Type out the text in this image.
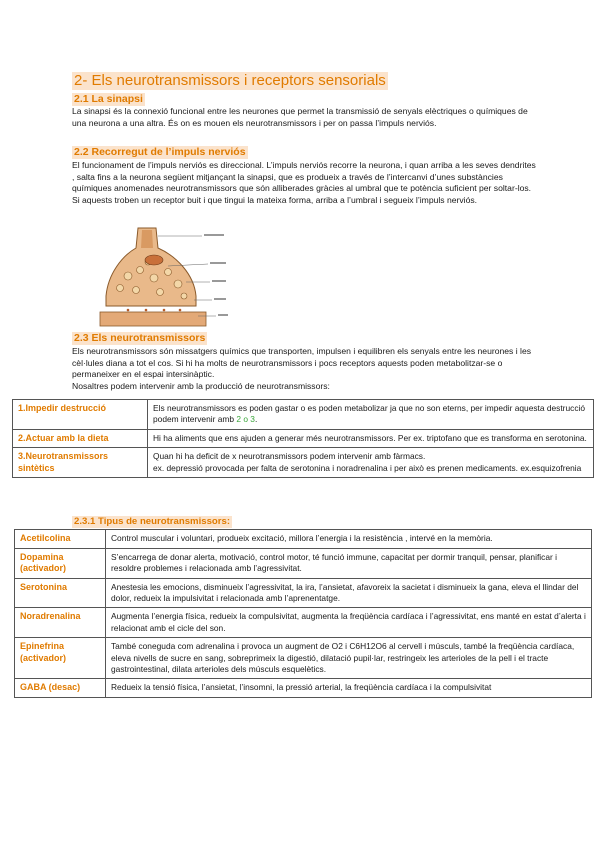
2- Els neurotransmissors i receptors sensorials
2.1 La sinapsi

La sinapsi és la connexió funcional entre les neurones que permet la transmissió de senyals elèctriques o químiques de una neurona a una altra. És on es mouen els neurotransmissors i per on passa l’impuls nerviós.

2.2 Recorregut de l’impuls nerviós

El funcionament de l’impuls nerviós es direccional. L’impuls nerviós recorre la neurona, i quan arriba a les seves dendrites , salta fins a la neurona següent mitjançant la sinapsi, que es produeix a través de l’intercanvi d’unes substàncies químiques anomenades neurotransmissors que són alliberades gràcies al umbral que te potència suficient per soltar-los. Si aquests troben un receptor buit i que tingui la mateixa forma, arriba a l’umbral i segueix l’impuls nerviós.

2.3 Els neurotransmissors

Els neurotransmissors són missatgers químics que transporten, impulsen i equilibren els senyals entre les neurones i les cèl·lules diana a tot el cos. Si hi ha molts de neurotransmissors i pocs receptors aquests poden metabolitzar-se o permaneixer en el espai intersinàptic.

Nosaltres podem intervenir amb la producció de neurotransmissors:

1.Impedir destrucció	Els neurotransmissors es poden gastar o es poden metabolizar ja que no son eterns, per impedir aquesta destrucció podem intervenir amb 2 o 3.
2.Actuar amb la dieta	Hi ha aliments que ens ajuden a generar més neurotransmissors. Per ex. triptofano que es transforma en serotonina.
3.Neurotransmissors sintètics	Quan hi ha deficit de x neurotransmissors podem intervenir amb fàrmacs.
ex. depressió provocada per falta de serotonina i noradrenalina i per això es prenen medicaments. ex.esquizofrenia
2.3.1 Tipus de neurotransmissors:
Acetilcolina	Control muscular i voluntari, produeix excitació, millora l’energia i la resistència , intervé en la memòria.
Dopamina (activador)	S’encarrega de donar alerta, motivació, control motor, té funció immune, capacitat per dormir tranquil, pensar, planificar i resoldre problemes i relacionada amb l’agressivitat.
Serotonina	Anestesia les emocions, disminueix l’agressivitat, la ira, l’ansietat, afavoreix la sacietat i disminueix la gana, eleva el llindar del dolor, redueix la impulsivitat i relacionada amb l’aprenentatge.
Noradrenalina	Augmenta l’energia física, redueix la compulsivitat, augmenta la freqüència cardíaca i l’agressivitat, ens manté en estat d’alerta i relacionat amb el cicle del son.
Epinefrina (activador)	També coneguda com adrenalina i provoca un augment de O2 i C6H12O6 al cervell i músculs, també la freqüència cardíaca, eleva nivells de sucre en sang, sobreprimeix la digestió, dilatació pupil·lar, restringeix les arterioles de la pell i el tracte gastrointestinal, dilata arterioles dels músculs esquelètics.
GABA (desac)	Redueix la tensió física, l’ansietat, l’insomni, la pressió arterial, la freqüència cardíaca i la compulsivitat
